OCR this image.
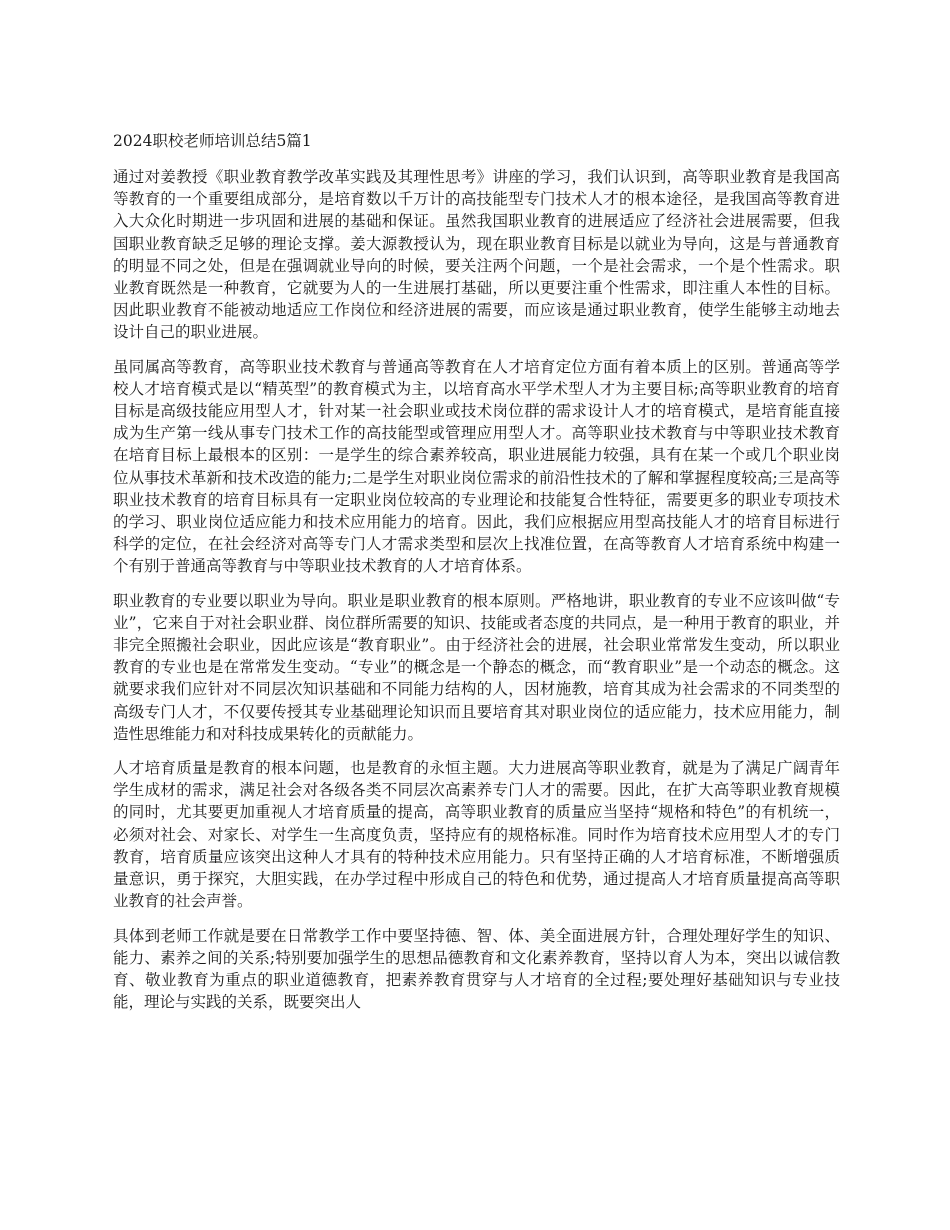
2024职校老师培训总结5篇1

通过对姜教授《职业教育教学改革实践及其理性思考》讲座的学习，我们认识到，高等职业教育是我国高等教育的一个重要组成部分，是培育数以千万计的高技能型专门技术人才的根本途径，是我国高等教育进入大众化时期进一步巩固和进展的基础和保证。虽然我国职业教育的进展适应了经济社会进展需要，但我国职业教育缺乏足够的理论支撑。姜大源教授认为，现在职业教育目标是以就业为导向，这是与普通教育的明显不同之处，但是在强调就业导向的时候，要关注两个问题，一个是社会需求，一个是个性需求。职业教育既然是一种教育，它就要为人的一生进展打基础，所以更要注重个性需求，即注重人本性的目标。因此职业教育不能被动地适应工作岗位和经济进展的需要，而应该是通过职业教育，使学生能够主动地去设计自己的职业进展。

虽同属高等教育，高等职业技术教育与普通高等教育在人才培育定位方面有着本质上的区别。普通高等学校人才培育模式是以“精英型”的教育模式为主，以培育高水平学术型人才为主要目标;高等职业教育的培育目标是高级技能应用型人才，针对某一社会职业或技术岗位群的需求设计人才的培育模式，是培育能直接成为生产第一线从事专门技术工作的高技能型或管理应用型人才。高等职业技术教育与中等职业技术教育在培育目标上最根本的区别：一是学生的综合素养较高，职业进展能力较强，具有在某一个或几个职业岗位从事技术革新和技术改造的能力;二是学生对职业岗位需求的前沿性技术的了解和掌握程度较高;三是高等职业技术教育的培育目标具有一定职业岗位较高的专业理论和技能复合性特征，需要更多的职业专项技术的学习、职业岗位适应能力和技术应用能力的培育。因此，我们应根据应用型高技能人才的培育目标进行科学的定位，在社会经济对高等专门人才需求类型和层次上找准位置，在高等教育人才培育系统中构建一个有别于普通高等教育与中等职业技术教育的人才培育体系。

职业教育的专业要以职业为导向。职业是职业教育的根本原则。严格地讲，职业教育的专业不应该叫做“专业”，它来自于对社会职业群、岗位群所需要的知识、技能或者态度的共同点，是一种用于教育的职业，并非完全照搬社会职业，因此应该是“教育职业”。由于经济社会的进展，社会职业常常发生变动，所以职业教育的专业也是在常常发生变动。“专业”的概念是一个静态的概念，而“教育职业”是一个动态的概念。这就要求我们应针对不同层次知识基础和不同能力结构的人，因材施教，培育其成为社会需求的不同类型的高级专门人才，不仅要传授其专业基础理论知识而且要培育其对职业岗位的适应能力，技术应用能力，制造性思维能力和对科技成果转化的贡献能力。

人才培育质量是教育的根本问题，也是教育的永恒主题。大力进展高等职业教育，就是为了满足广阔青年学生成材的需求，满足社会对各级各类不同层次高素养专门人才的需要。因此，在扩大高等职业教育规模的同时，尤其要更加重视人才培育质量的提高，高等职业教育的质量应当坚持“规格和特色”的有机统一，必须对社会、对家长、对学生一生高度负责，坚持应有的规格标准。同时作为培育技术应用型人才的专门教育，培育质量应该突出这种人才具有的特种技术应用能力。只有坚持正确的人才培育标准，不断增强质量意识，勇于探究，大胆实践，在办学过程中形成自己的特色和优势，通过提高人才培育质量提高高等职业教育的社会声誉。

具体到老师工作就是要在日常教学工作中要坚持德、智、体、美全面进展方针，合理处理好学生的知识、能力、素养之间的关系;特别要加强学生的思想品德教育和文化素养教育，坚持以育人为本，突出以诚信教育、敬业教育为重点的职业道德教育，把素养教育贯穿与人才培育的全过程;要处理好基础知识与专业技能，理论与实践的关系，既要突出人
